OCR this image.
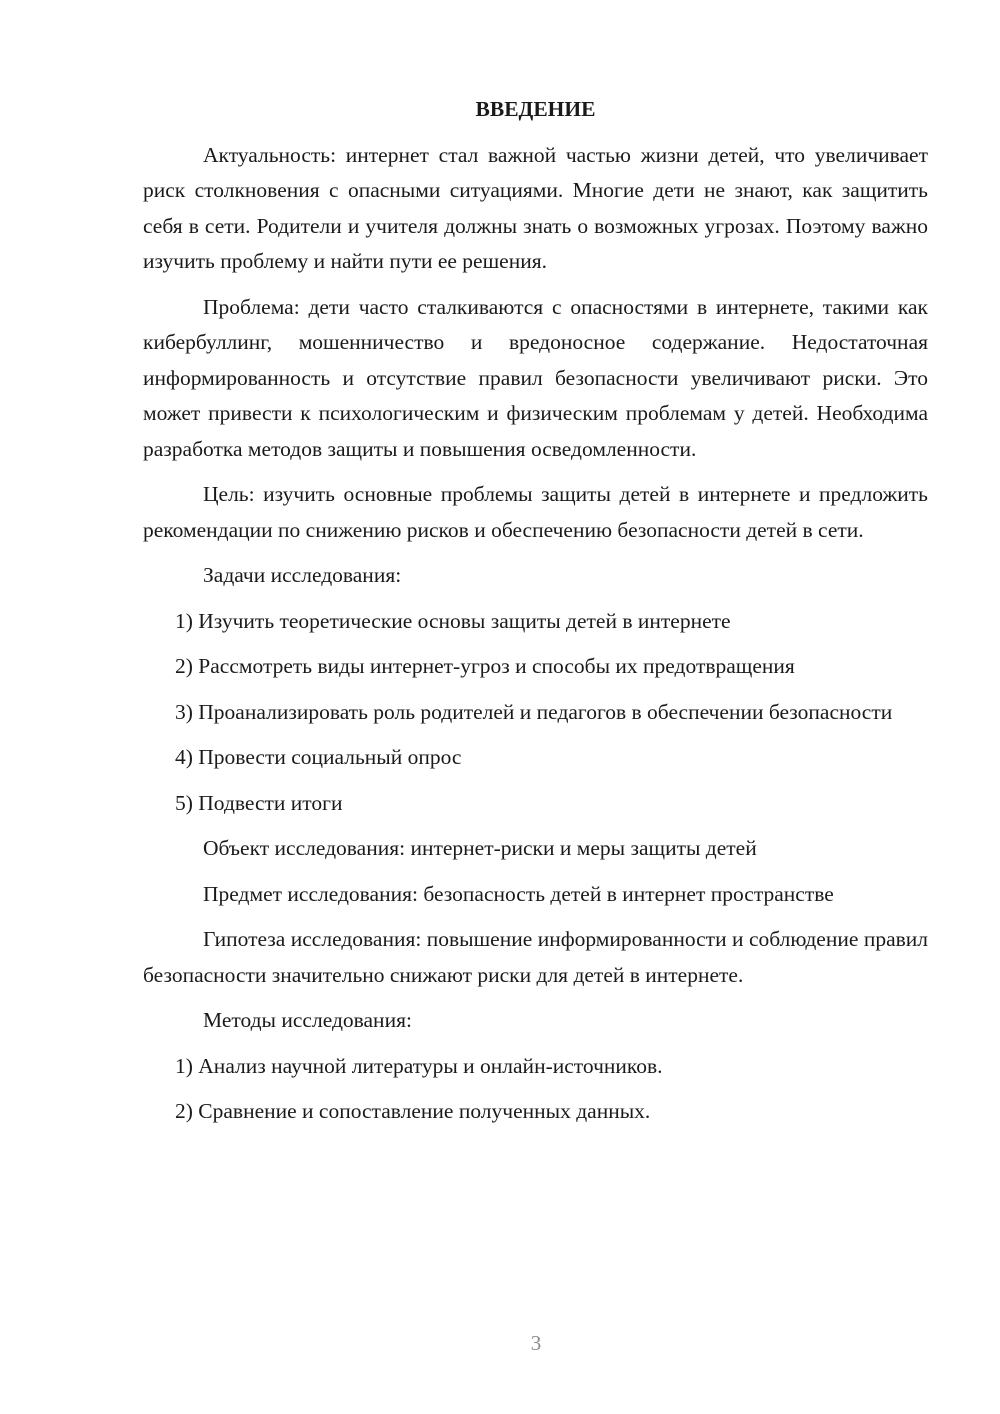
ВВЕДЕНИЕ
Актуальность: интернет стал важной частью жизни детей, что увеличивает риск столкновения с опасными ситуациями. Многие дети не знают, как защитить себя в сети. Родители и учителя должны знать о возможных угрозах. Поэтому важно изучить проблему и найти пути ее решения.
Проблема: дети часто сталкиваются с опасностями в интернете, такими как кибербуллинг, мошенничество и вредоносное содержание. Недостаточная информированность и отсутствие правил безопасности увеличивают риски. Это может привести к психологическим и физическим проблемам у детей. Необходима разработка методов защиты и повышения осведомленности.
Цель: изучить основные проблемы защиты детей в интернете и предложить рекомендации по снижению рисков и обеспечению безопасности детей в сети.
Задачи исследования:
1) Изучить теоретические основы защиты детей в интернете
2) Рассмотреть виды интернет-угроз и способы их предотвращения
3) Проанализировать роль родителей и педагогов в обеспечении безопасности
4) Провести социальный опрос
5) Подвести итоги
Объект исследования: интернет-риски и меры защиты детей
Предмет исследования: безопасность детей в интернет пространстве
Гипотеза исследования: повышение информированности и соблюдение правил безопасности значительно снижают риски для детей в интернете.
Методы исследования:
1) Анализ научной литературы и онлайн-источников.
2) Сравнение и сопоставление полученных данных.
3
